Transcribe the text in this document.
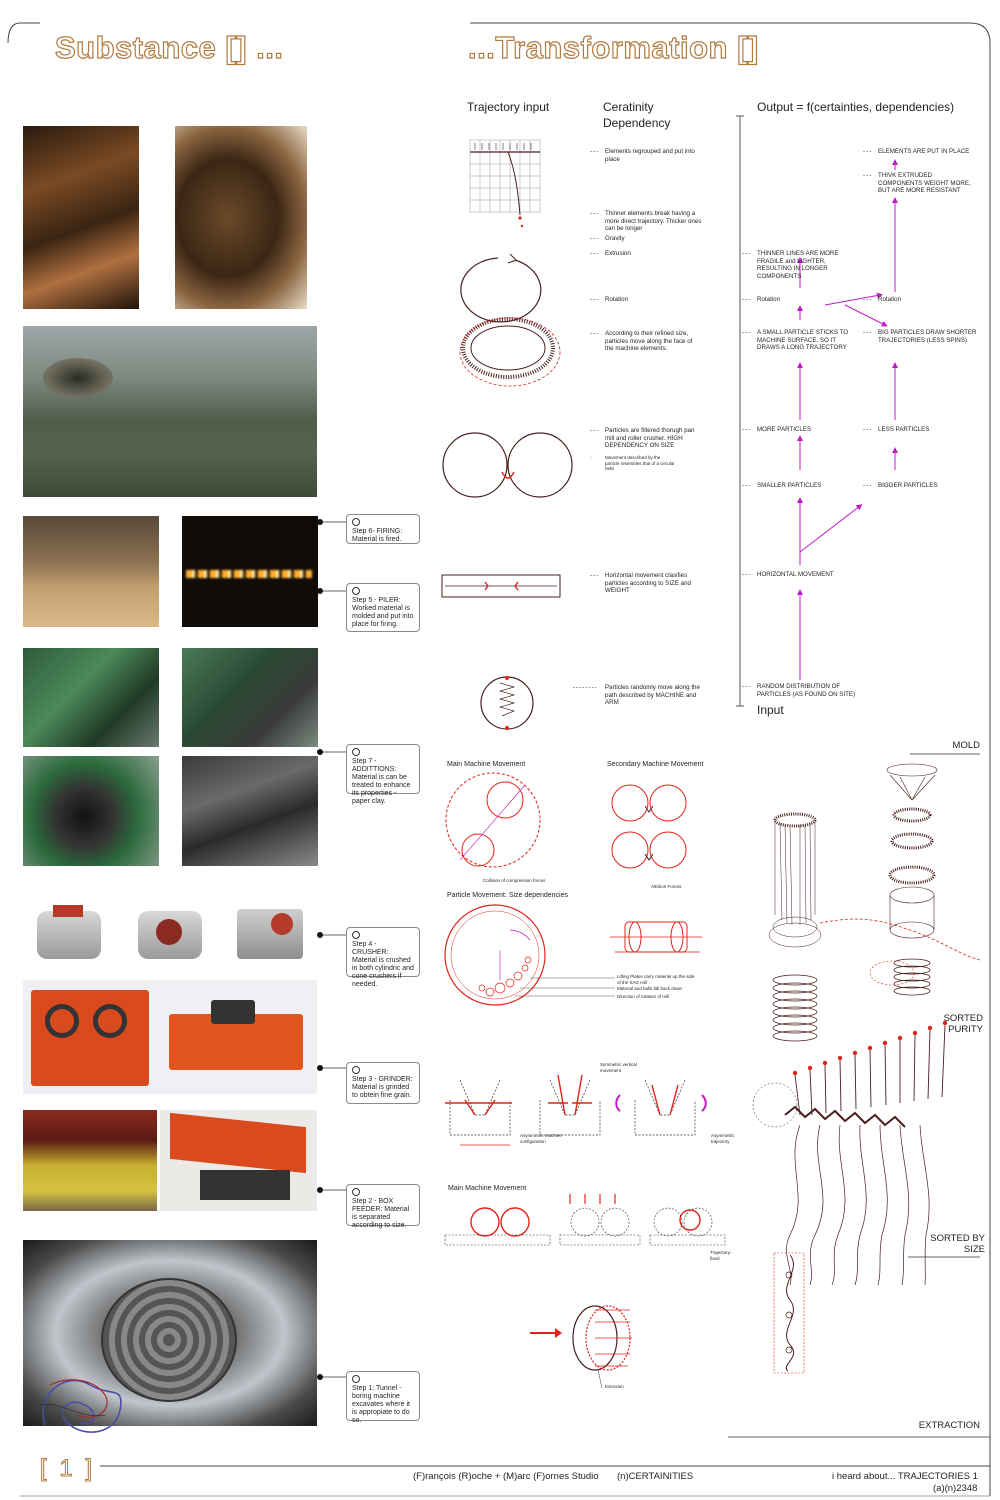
Substance [] ...	...Transformation []
Step 6- FIRING: Material is fired.
Step 5 - PILER: Worked material is molded and put into place for firing.
Step 7 - ADDITTIONS: Material is can be treated to enhance its properties - paper clay.
Step 4 - CRUSHER: Material is crushed in both cylindric and cone crushers if needed.
Step 3 - GRINDER: Material is grinded to obtein fine grain.
Step 2 - BOX FEEDER: Material is separated according to size.
Step 1: Tunnel -boring machine excavates where it is appropiate to do so.
Trajectory input	Ceratinity Dependency
Output = f(certainties, dependencies)
--- Elements regrouped and put into place
--- Thinner elements break having a more direct trajectory. Thicker ones can be longer
--- Gravity
--- Extrusion
--- Rotation
--- According to their refined size, particles move along the face of the machine elements.
--- Particles are filtered thorugh pan mill and roller crusher. HIGH DEPENDENCY ON SIZE
-	Movement described by the particle resembles that of a circular helix
--- Horizontal movement clasifies particles according to SIZE and WEIGHT
-------- Particles randomly move along the path described by MACHINE and ARM
--- HORIZONTAL MOVEMENT
--- RANDOM DISTRIBUTION OF PARTICLES (AS FOUND ON SITE)
Input
--- SMALLER PARTICLES	--- BIGGER PARTICLES
--- MORE PARTICLES	--- LESS PARTICLES
--- A SMALL PARTICLE STICKS TO MACHINE SURFACE, SO IT DRAWS A LONG TRAJECTORY
--- BIG PARTICLES DRAW SHORTER TRAJECTORIES (LESS SPINS)
--- Rotation	--- Rotation
--- THINNER LINES ARE MORE FRAGILE and LIGHTER, RESULTING IN LONGER COMPONENTS
--- THIVK EXTRUDED COMPONENTS WEIGHT MORE, BUT ARE MORE RESISTANT
--- ELEMENTS ARE PUT IN PLACE
Main Machine Movement	Secondary Machine Movement
Collision of compression forces
Attrition Forces
Particle Movement: Size dependencies
Lifting Plates carry material up the side of the SAG mill
Material and balls fall back down
Direction of rotation of mill
Symmetric vertical movement
Asymmetric machine configuration
Asymmetric trajectory
Main Machine Movement
Trajectory- fixed
Extrusion
MOLD
SORTED PURITY
SORTED BY SIZE
EXTRACTION
[ 1 ]	(F)rançois (R)oche + (M)arc (F)ornes Studio (n)CERTAINITIES	i heard about... TRAJECTORIES 1
(a)(n)2348
